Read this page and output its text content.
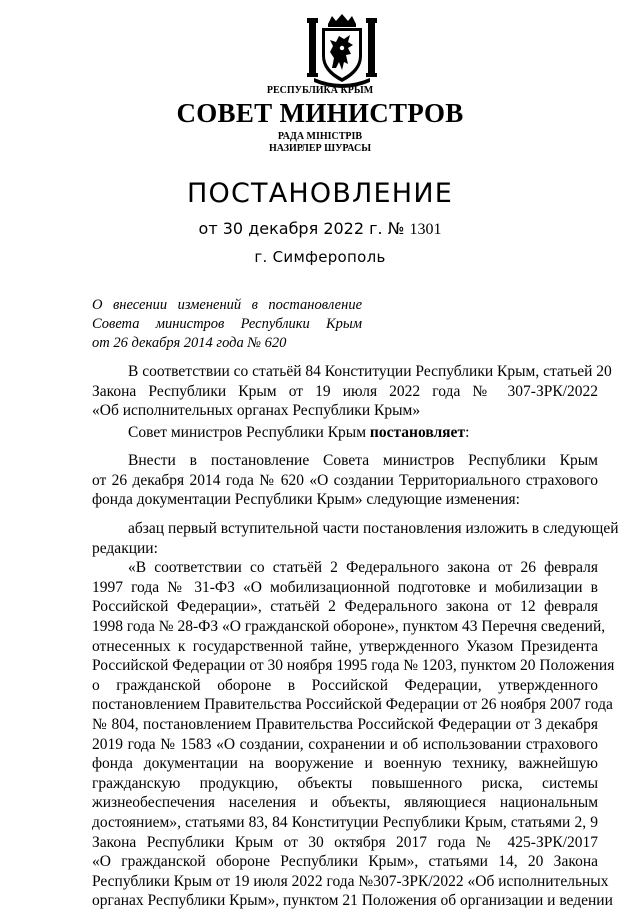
РЕСПУБЛИКА КРЫМ
СОВЕТ МИНИСТРОВ
РАДА МІНІСТРІВ
НАЗИРЛЕР ШУРАСЫ
ПОСТАНОВЛЕНИЕ
от 30 декабря 2022 г. № 1301
г. Симферополь
О внесении изменений в постановление
Совета министров Республики Крым
от 26 декабря 2014 года № 620
В соответствии со статьёй 84 Конституции Республики Крым, статьей 20
Закона Республики Крым от 19 июля 2022 года № 307-ЗРК/2022
«Об исполнительных органах Республики Крым»
Совет министров Республики Крым постановляет:
Внести в постановление Совета министров Республики Крым
от 26 декабря 2014 года № 620 «О создании Территориального страхового
фонда документации Республики Крым» следующие изменения:
абзац первый вступительной части постановления изложить в следующей
редакции:
«В соответствии со статьёй 2 Федерального закона от 26 февраля
1997 года № 31-ФЗ «О мобилизационной подготовке и мобилизации в
Российской Федерации», статьёй 2 Федерального закона от 12 февраля
1998 года № 28-ФЗ «О гражданской обороне», пунктом 43 Перечня сведений,
отнесенных к государственной тайне, утвержденного Указом Президента
Российской Федерации от 30 ноября 1995 года № 1203, пунктом 20 Положения
о гражданской обороне в Российской Федерации, утвержденного
постановлением Правительства Российской Федерации от 26 ноября 2007 года
№ 804, постановлением Правительства Российской Федерации от 3 декабря
2019 года № 1583 «О создании, сохранении и об использовании страхового
фонда документации на вооружение и военную технику, важнейшую
гражданскую продукцию, объекты повышенного риска, системы
жизнеобеспечения населения и объекты, являющиеся национальным
достоянием», статьями 83, 84 Конституции Республики Крым, статьями 2, 9
Закона Республики Крым от 30 октября 2017 года № 425-ЗРК/2017
«О гражданской обороне Республики Крым», статьями 14, 20 Закона
Республики Крым от 19 июля 2022 года №307-ЗРК/2022 «Об исполнительных
органах Республики Крым», пунктом 21 Положения об организации и ведении
